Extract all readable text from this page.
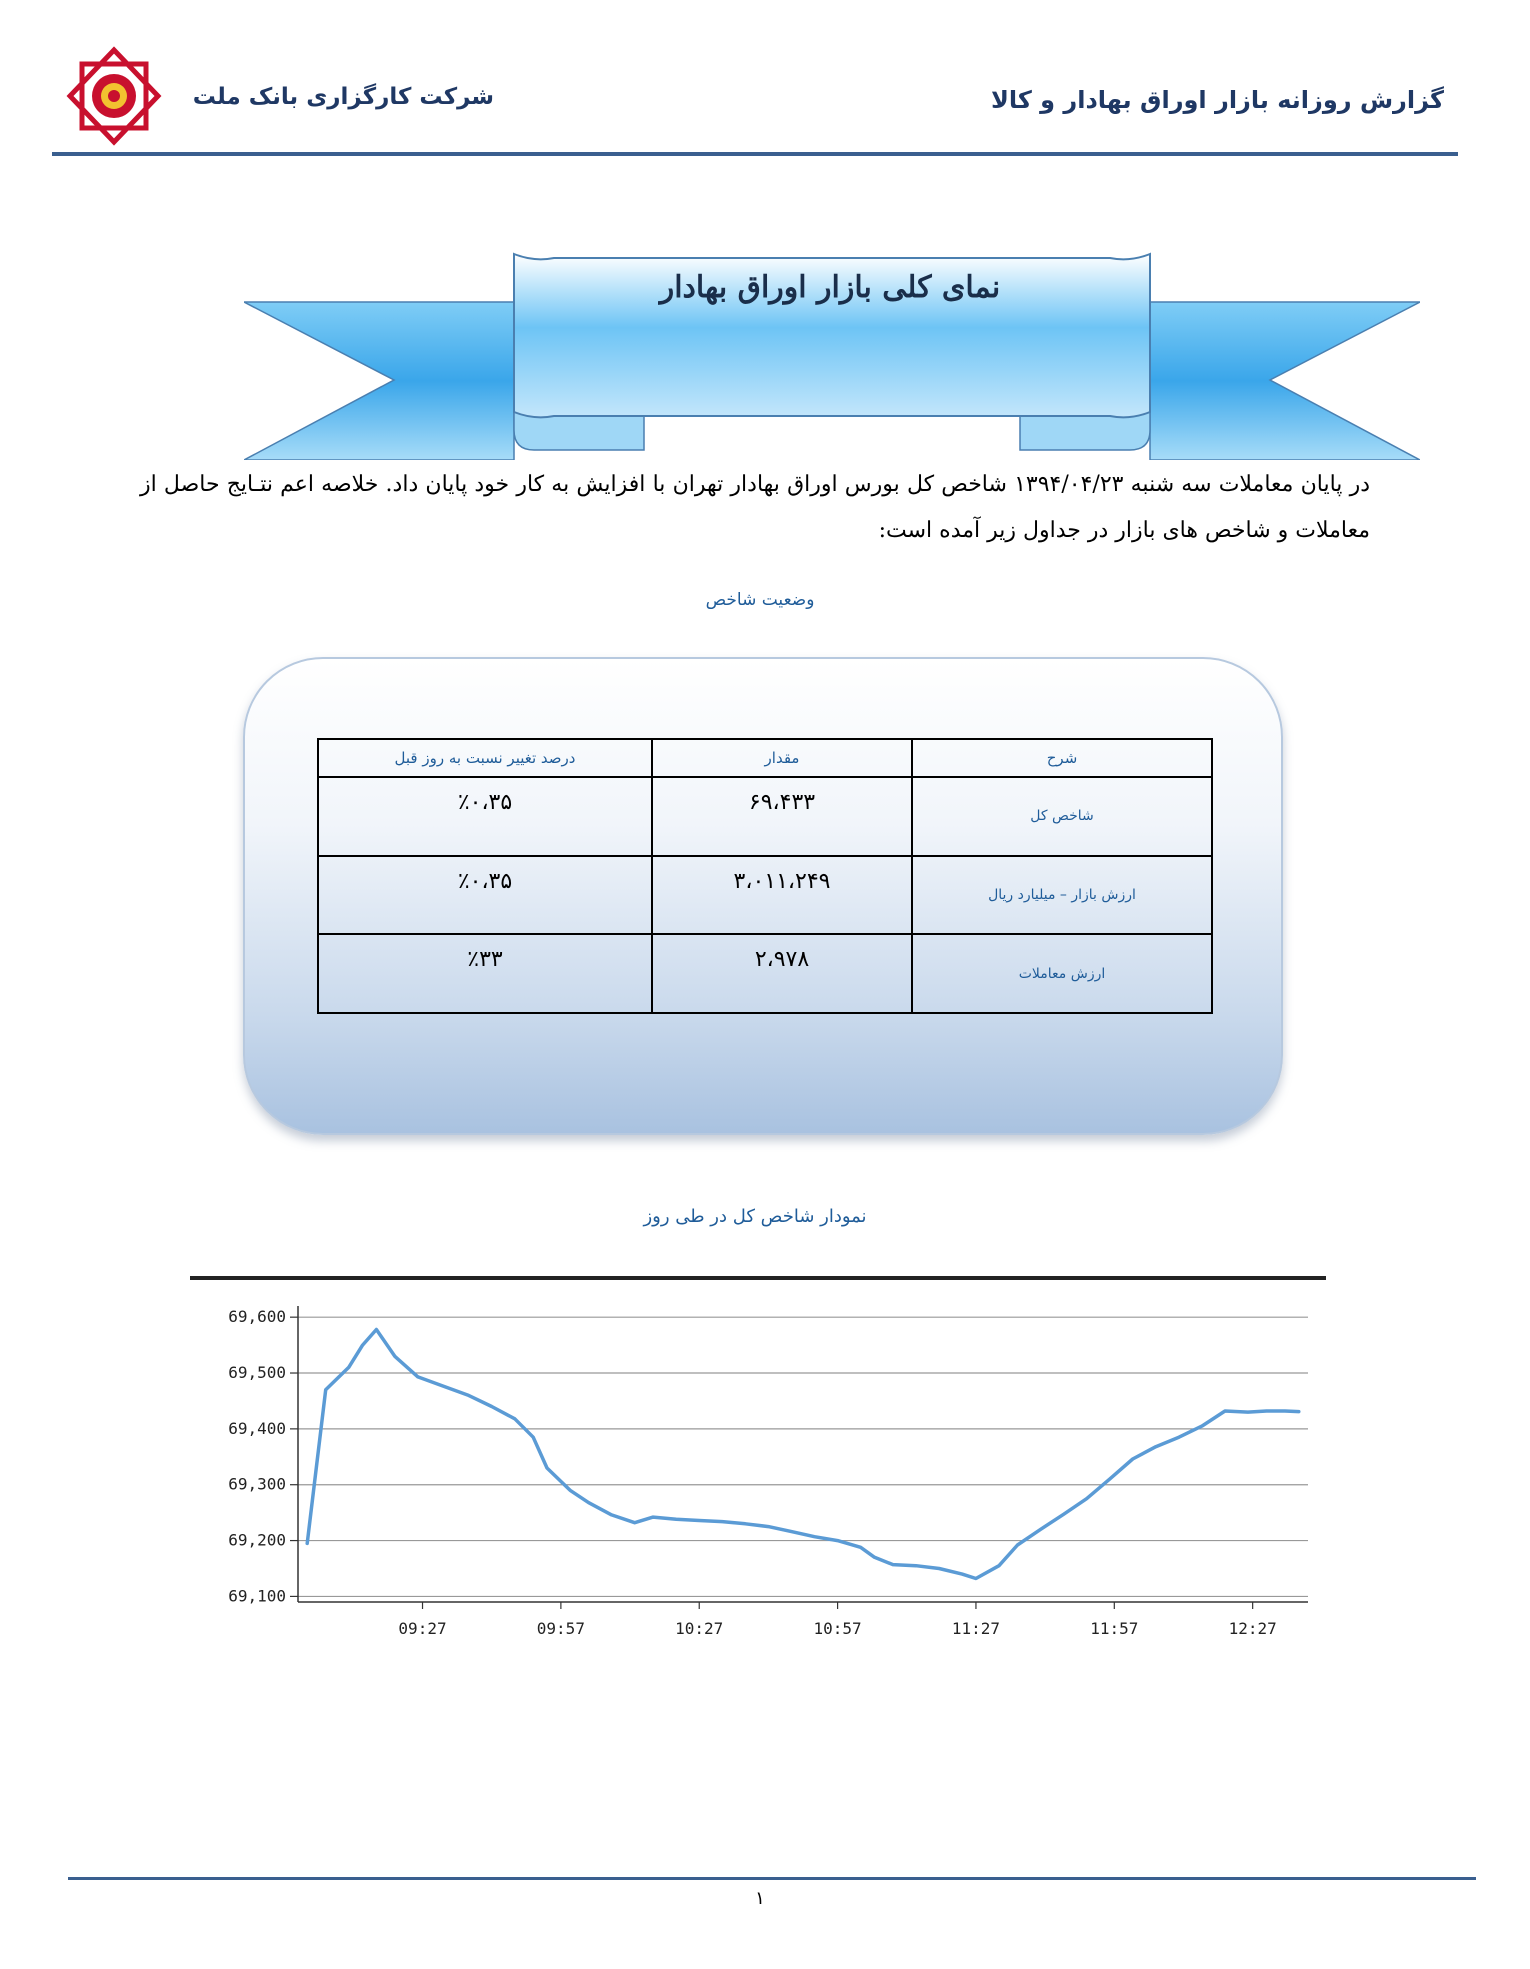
شرکت کارگزاری بانک ملت	گزارش روزانه بازار اوراق بهادار و کالا
نمای کلی بازار اوراق بهادار
در پایان معاملات سه شنبه ۱۳۹۴/۰۴/۲۳ شاخص کل بورس اوراق بهادار تهران با افزایش به کار خود پایان داد. خلاصه اعم نتـایج حاصل از معاملات و شاخص های بازار در جداول زیر آمده است:
وضعیت شاخص
شرح	مقدار	درصد تغییر نسبت به روز قبل
شاخص کل	۶۹،۴۳۳	٪۰،۳۵
ارزش بازار – میلیارد ریال	۳،۰۱۱،۲۴۹	٪۰،۳۵
ارزش معاملات	۲،۹۷۸	٪۳۳
نمودار شاخص کل در طی روز
69,100
69,200
69,300
69,400
69,500
69,600
09:27	09:57	10:27	10:57	11:27	11:57	12:27
۱
